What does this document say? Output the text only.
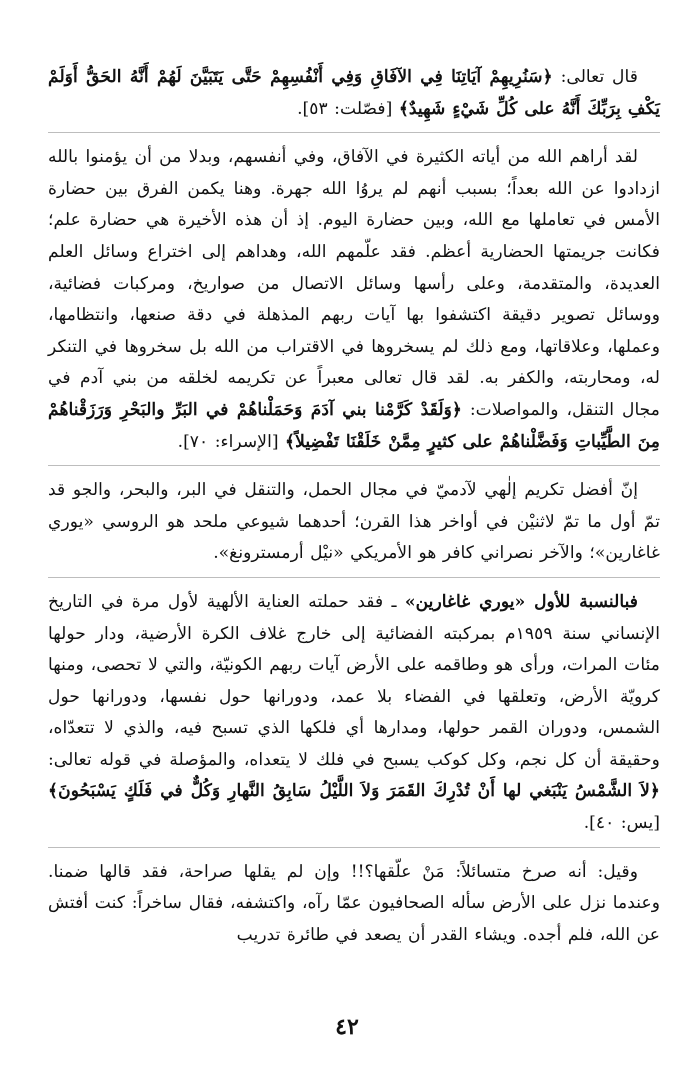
قال تعالى: ﴿سَنُرِيهِمْ آيَاتِنَا فِي الآفَاقِ وَفِي أَنْفُسِهِمْ حَتَّى يَتَبَيَّنَ لَهُمْ أَنَّهُ الحَقُّ أَوَلَمْ يَكْفِ بِرَبِّكَ أَنَّهُ على كُلِّ شَيْءٍ شَهِيدٌ﴾ [فصّلت: ٥٣].

لقد أراهم الله من أياته الكثيرة في الآفاق، وفي أنفسهم، وبدلا من أن يؤمنوا بالله ازدادوا عن الله بعداً؛ بسبب أنهم لم يروُا الله جهرة. وهنا يكمن الفرق بين حضارة الأمس في تعاملها مع الله، وبين حضارة اليوم. إذ أن هذه الأخيرة هي حضارة علم؛ فكانت جريمتها الحضارية أعظم. فقد علّمهم الله، وهداهم إلى اختراع وسائل العلم العديدة، والمتقدمة، وعلى رأسها وسائل الاتصال من صواريخ، ومركبات فضائية، ووسائل تصوير دقيقة اكتشفوا بها آيات ربهم المذهلة في دقة صنعها، وانتظامها، وعملها، وعلاقاتها، ومع ذلك لم يسخروها في الاقتراب من الله بل سخروها في التنكر له، ومحاربته، والكفر به. لقد قال تعالى معبراً عن تكريمه لخلقه من بني آدم في مجال التنقل، والمواصلات: ﴿وَلَقَدْ كَرَّمْنا بني آدَمَ وَحَمَلْناهُمْ في البَرِّ والبَحْرِ وَرَزَقْناهُمْ مِنَ الطَّيِّباتِ وَفَضَّلْناهُمْ على كثيرٍ مِمَّنْ خَلَقْنَا تَفْضِيلاً﴾ [الإسراء: ٧٠].

إنّ أفضل تكريم إلٰهي لآدميّ في مجال الحمل، والتنقل في البر، والبحر، والجو قد تمّ أول ما تمّ لاثنيْن في أواخر هذا القرن؛ أحدهما شيوعي ملحد هو الروسي «يوري غاغارين»؛ والآخر نصراني كافر هو الأمريكي «نيْل أرمسترونغ».

فبالنسبة للأول «يوري غاغارين» ـ فقد حملته العناية الألهية لأول مرة في التاريخ الإنساني سنة ١٩٥٩م بمركبته الفضائية إلى خارج غلاف الكرة الأرضية، ودار حولها مئات المرات، ورأى هو وطاقمه على الأرض آيات ربهم الكونيّة، والتي لا تحصى، ومنها كرويّة الأرض، وتعلقها في الفضاء بلا عمد، ودورانها حول نفسها، ودورانها حول الشمس، ودوران القمر حولها، ومدارها أي فلكها الذي تسبح فيه، والذي لا تتعدّاه، وحقيقة أن كل نجم، وكل كوكب يسبح في فلك لا يتعداه، والمؤصلة في قوله تعالى: ﴿لاَ الشَّمْسُ يَنْبَغي لها أَنْ تُدْرِكَ القَمَرَ وَلاَ اللَّيْلُ سَابِقُ النَّهارِ وَكُلٌّ في فَلَكٍ يَسْبَحُونَ﴾ [يس: ٤٠].

وقيل: أنه صرخ متسائلاً: مَنْ علّقها؟!! وإن لم يقلها صراحة، فقد قالها ضمنا. وعندما نزل على الأرض سأله الصحافيون عمّا رآه، واكتشفه، فقال ساخراً: كنت أفتش عن الله، فلم أجده. ويشاء القدر أن يصعد في طائرة تدريب

٤٢
